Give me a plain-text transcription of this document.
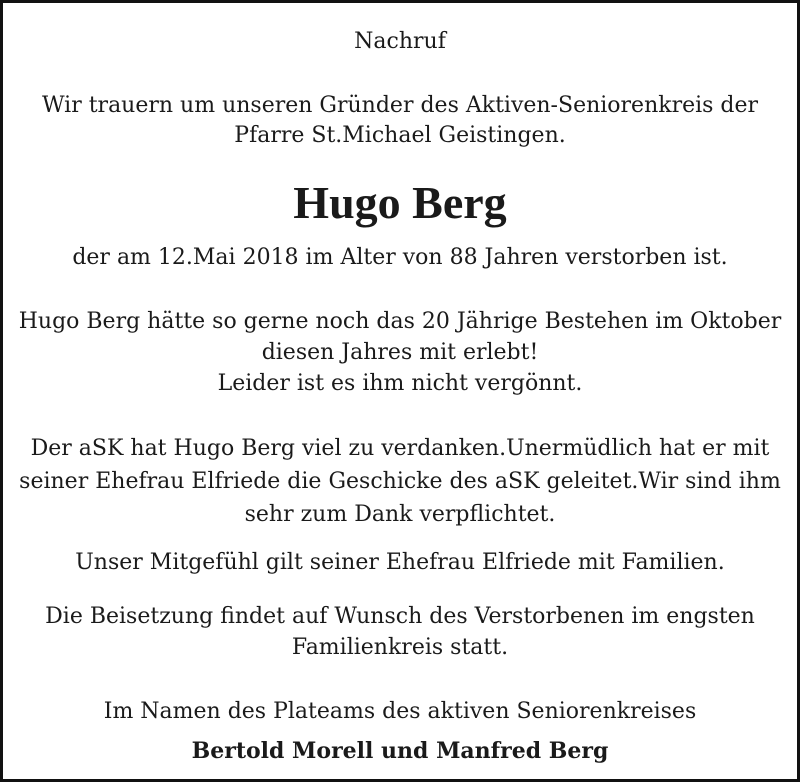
Nachruf
Wir trauern um unseren Gründer des Aktiven-Seniorenkreis der
Pfarre St.Michael Geistingen.
Hugo Berg
der am 12.Mai 2018 im Alter von 88 Jahren verstorben ist.
Hugo Berg hätte so gerne noch das 20 Jährige Bestehen im Oktober
diesen Jahres mit erlebt!
Leider ist es ihm nicht vergönnt.
Der aSK hat Hugo Berg viel zu verdanken.Unermüdlich hat er mit
seiner Ehefrau Elfriede die Geschicke des aSK geleitet.Wir sind ihm
sehr zum Dank verpflichtet.
Unser Mitgefühl gilt seiner Ehefrau Elfriede mit Familien.
Die Beisetzung findet auf Wunsch des Verstorbenen im engsten
Familienkreis statt.
Im Namen des Plateams des aktiven Seniorenkreises
Bertold Morell und Manfred Berg
